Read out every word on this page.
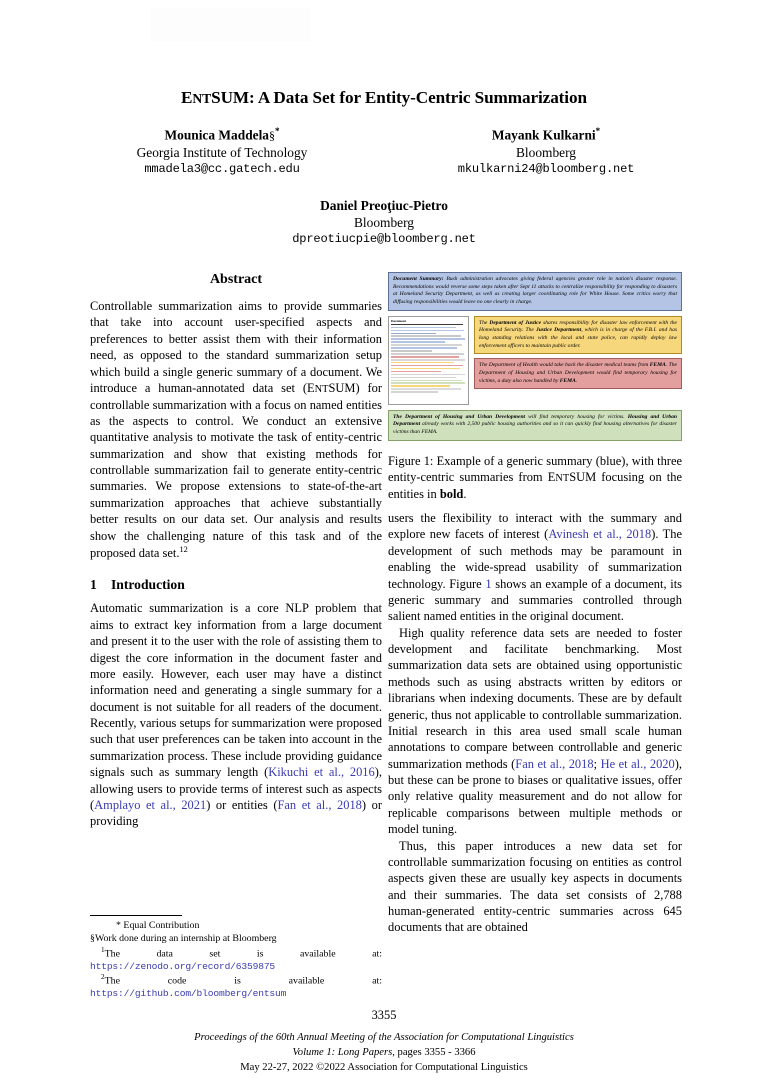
ENTSUM: A Data Set for Entity-Centric Summarization
Mounica Maddela§*
Georgia Institute of Technology
mmadela3@cc.gatech.edu
Mayank Kulkarni*
Bloomberg
mkulkarni24@bloomberg.net
Daniel Preoţiuc-Pietro
Bloomberg
dpreotiucpie@bloomberg.net
Abstract
Controllable summarization aims to provide summaries that take into account user-specified aspects and preferences to better assist them with their information need, as opposed to the standard summarization setup which build a single generic summary of a document. We introduce a human-annotated data set (ENTSUM) for controllable summarization with a focus on named entities as the aspects to control. We conduct an extensive quantitative analysis to motivate the task of entity-centric summarization and show that existing methods for controllable summarization fail to generate entity-centric summaries. We propose extensions to state-of-the-art summarization approaches that achieve substantially better results on our data set. Our analysis and results show the challenging nature of this task and of the proposed data set.$^{12}$
1 Introduction

Automatic summarization is a core NLP problem that aims to extract key information from a large document and present it to the user with the role of assisting them to digest the core information in the document faster and more easily. However, each user may have a distinct information need and generating a single summary for a document is not suitable for all readers of the document. Recently, various setups for summarization were proposed such that user preferences can be taken into account in the summarization process. These include providing guidance signals such as summary length (Kikuchi et al., 2016), allowing users to provide terms of interest such as aspects (Amplayo et al., 2021) or entities (Fan et al., 2018) or providing

Document Summary: Bush administration advocates giving federal agencies greater role in nation's disaster response. Recommendations would reverse some steps taken after Sept 11 attacks to centralize responsibility for responding to disasters at Homeland Security Department, as well as creating larger coordinating role for White House. Some critics worry that diffusing responsibilities would leave no one clearly in charge.
Document	The Department of Justice shares responsibility for disaster law enforcement with the Homeland Security. The Justice Department, which is in charge of the F.B.I. and has long standing relations with the local and state police, can rapidly deploy law enforcement officers to maintain public order.
The Department of Health would take back the disaster medical teams from FEMA. The Department of Housing and Urban Development would find temporary housing for victims, a duty also now handled by FEMA.
The Department of Housing and Urban Development will find temporary housing for victims. Housing and Urban Department already works with 2,500 public housing authorities and so it can quickly find housing alternatives for disaster victims than FEMA.
Figure 1: Example of a generic summary (blue), with three entity-centric summaries from ENTSUM focusing on the entities in bold.

users the flexibility to interact with the summary and explore new facets of interest (Avinesh et al., 2018). The development of such methods may be paramount in enabling the wide-spread usability of summarization technology. Figure 1 shows an example of a document, its generic summary and summaries controlled through salient named entities in the original document.

High quality reference data sets are needed to foster development and facilitate benchmarking. Most summarization data sets are obtained using opportunistic methods such as using abstracts written by editors or librarians when indexing documents. These are by default generic, thus not applicable to controllable summarization. Initial research in this area used small scale human annotations to compare between controllable and generic summarization methods (Fan et al., 2018; He et al., 2020), but these can be prone to biases or qualitative issues, offer only relative quality measurement and do not allow for replicable comparisons between multiple methods or model tuning.

Thus, this paper introduces a new data set for controllable summarization focusing on entities as control aspects given these are usually key aspects in documents and their summaries. The data set consists of 2,788 human-generated entity-centric summaries across 645 documents that are obtained

* Equal Contribution
§Work done during an internship at Bloomberg
$^1$The data set is available at: https://zenodo.org/record/6359875
$^2$The code is available at: https://github.com/bloomberg/entsum
3355
Proceedings of the 60th Annual Meeting of the Association for Computational Linguistics
Volume 1: Long Papers, pages 3355 - 3366
May 22-27, 2022 ©2022 Association for Computational Linguistics
